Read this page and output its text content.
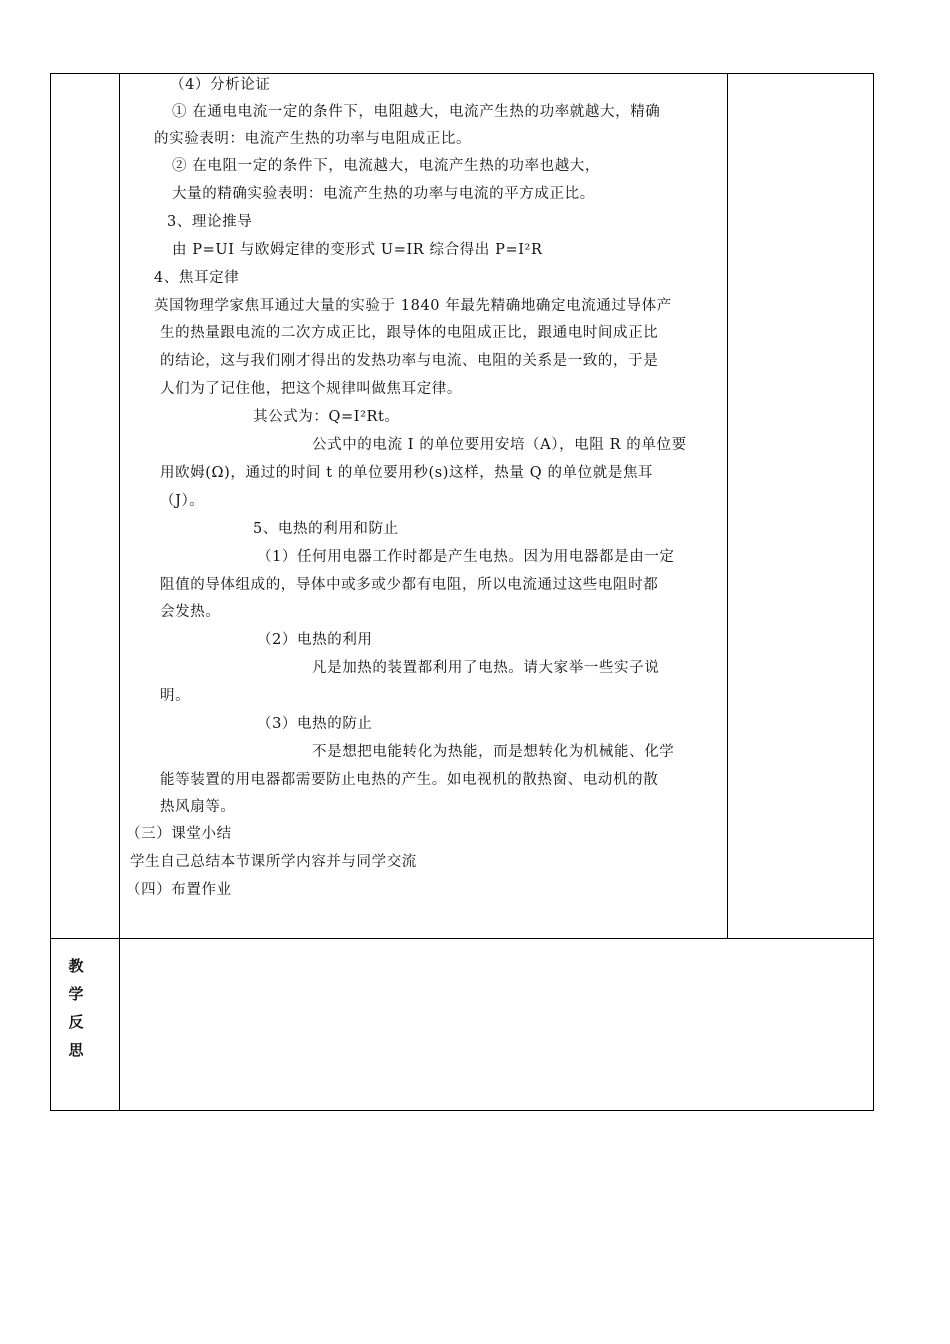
（4）分析论证
① 在通电电流一定的条件下，电阻越大，电流产生热的功率就越大，精确
的实验表明：电流产生热的功率与电阻成正比。
② 在电阻一定的条件下，电流越大，电流产生热的功率也越大，
大量的精确实验表明：电流产生热的功率与电流的平方成正比。
3、理论推导
由 P=UI 与欧姆定律的变形式 U=IR 综合得出 P=I²R
4、焦耳定律
英国物理学家焦耳通过大量的实验于 1840 年最先精确地确定电流通过导体产
生的热量跟电流的二次方成正比，跟导体的电阻成正比，跟通电时间成正比
的结论，这与我们刚才得出的发热功率与电流、电阻的关系是一致的，于是
人们为了记住他，把这个规律叫做焦耳定律。
其公式为：Q=I²Rt。
公式中的电流 I 的单位要用安培（A），电阻 R 的单位要
用欧姆(Ω)，通过的时间 t 的单位要用秒(s)这样，热量 Q 的单位就是焦耳
（J）。
5、电热的利用和防止
（1）任何用电器工作时都是产生电热。因为用电器都是由一定
阻值的导体组成的，导体中或多或少都有电阻，所以电流通过这些电阻时都
会发热。
（2）电热的利用
凡是加热的装置都利用了电热。请大家举一些实子说
明。
（3）电热的防止
不是想把电能转化为热能，而是想转化为机械能、化学
能等装置的用电器都需要防止电热的产生。如电视机的散热窗、电动机的散
热风扇等。
（三）课堂小结
学生自己总结本节课所学内容并与同学交流
（四）布置作业
教
学
反
思
